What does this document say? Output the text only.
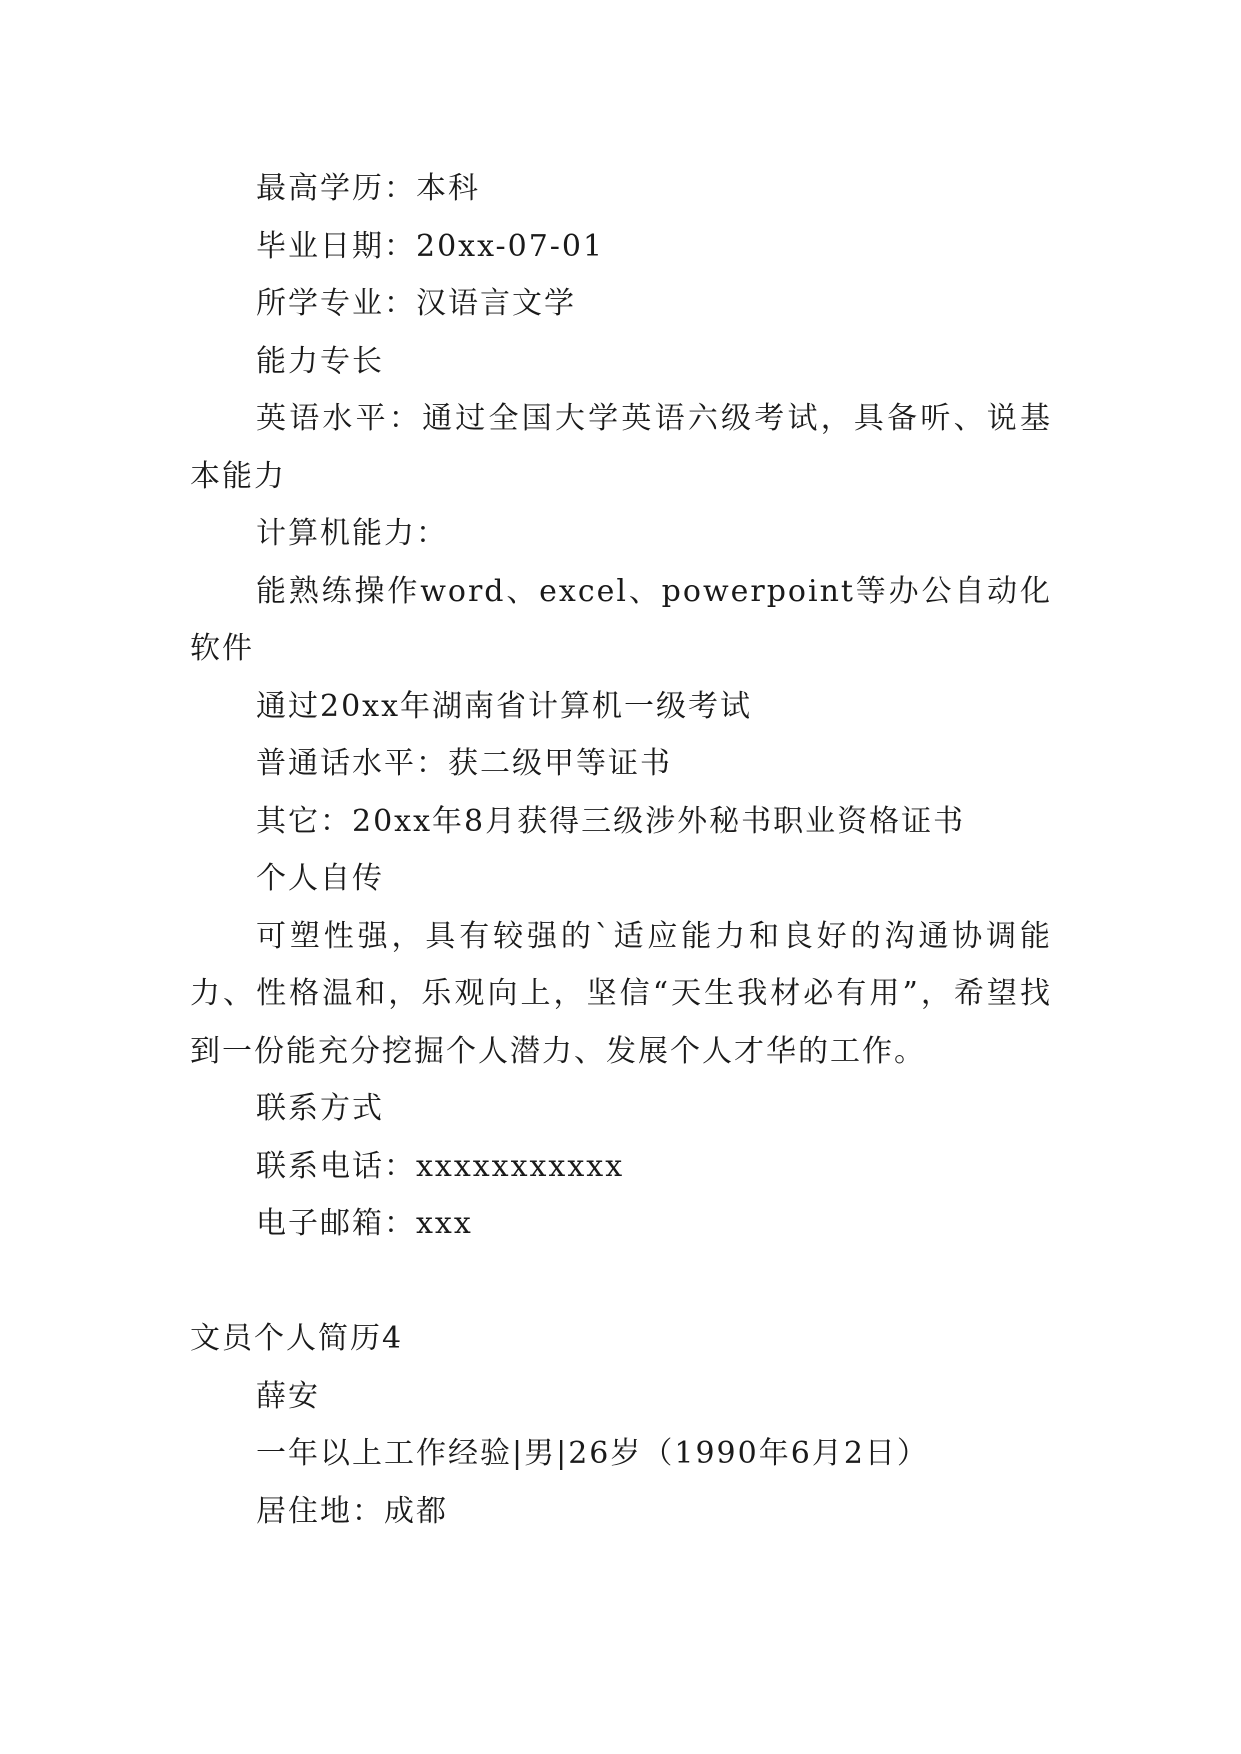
最高学历：本科
毕业日期：20xx-07-01
所学专业：汉语言文学
能力专长
英语水平：通过全国大学英语六级考试，具备听、说基本能力
计算机能力：
能熟练操作word、excel、powerpoint等办公自动化软件
通过20xx年湖南省计算机一级考试
普通话水平：获二级甲等证书
其它：20xx年8月获得三级涉外秘书职业资格证书
个人自传
可塑性强，具有较强的`适应能力和良好的沟通协调能力、性格温和，乐观向上，坚信“天生我材必有用”，希望找到一份能充分挖掘个人潜力、发展个人才华的工作。
联系方式
联系电话：xxxxxxxxxxx
电子邮箱：xxx
文员个人简历4
薛安
一年以上工作经验|男|26岁（1990年6月2日）
居住地：成都
